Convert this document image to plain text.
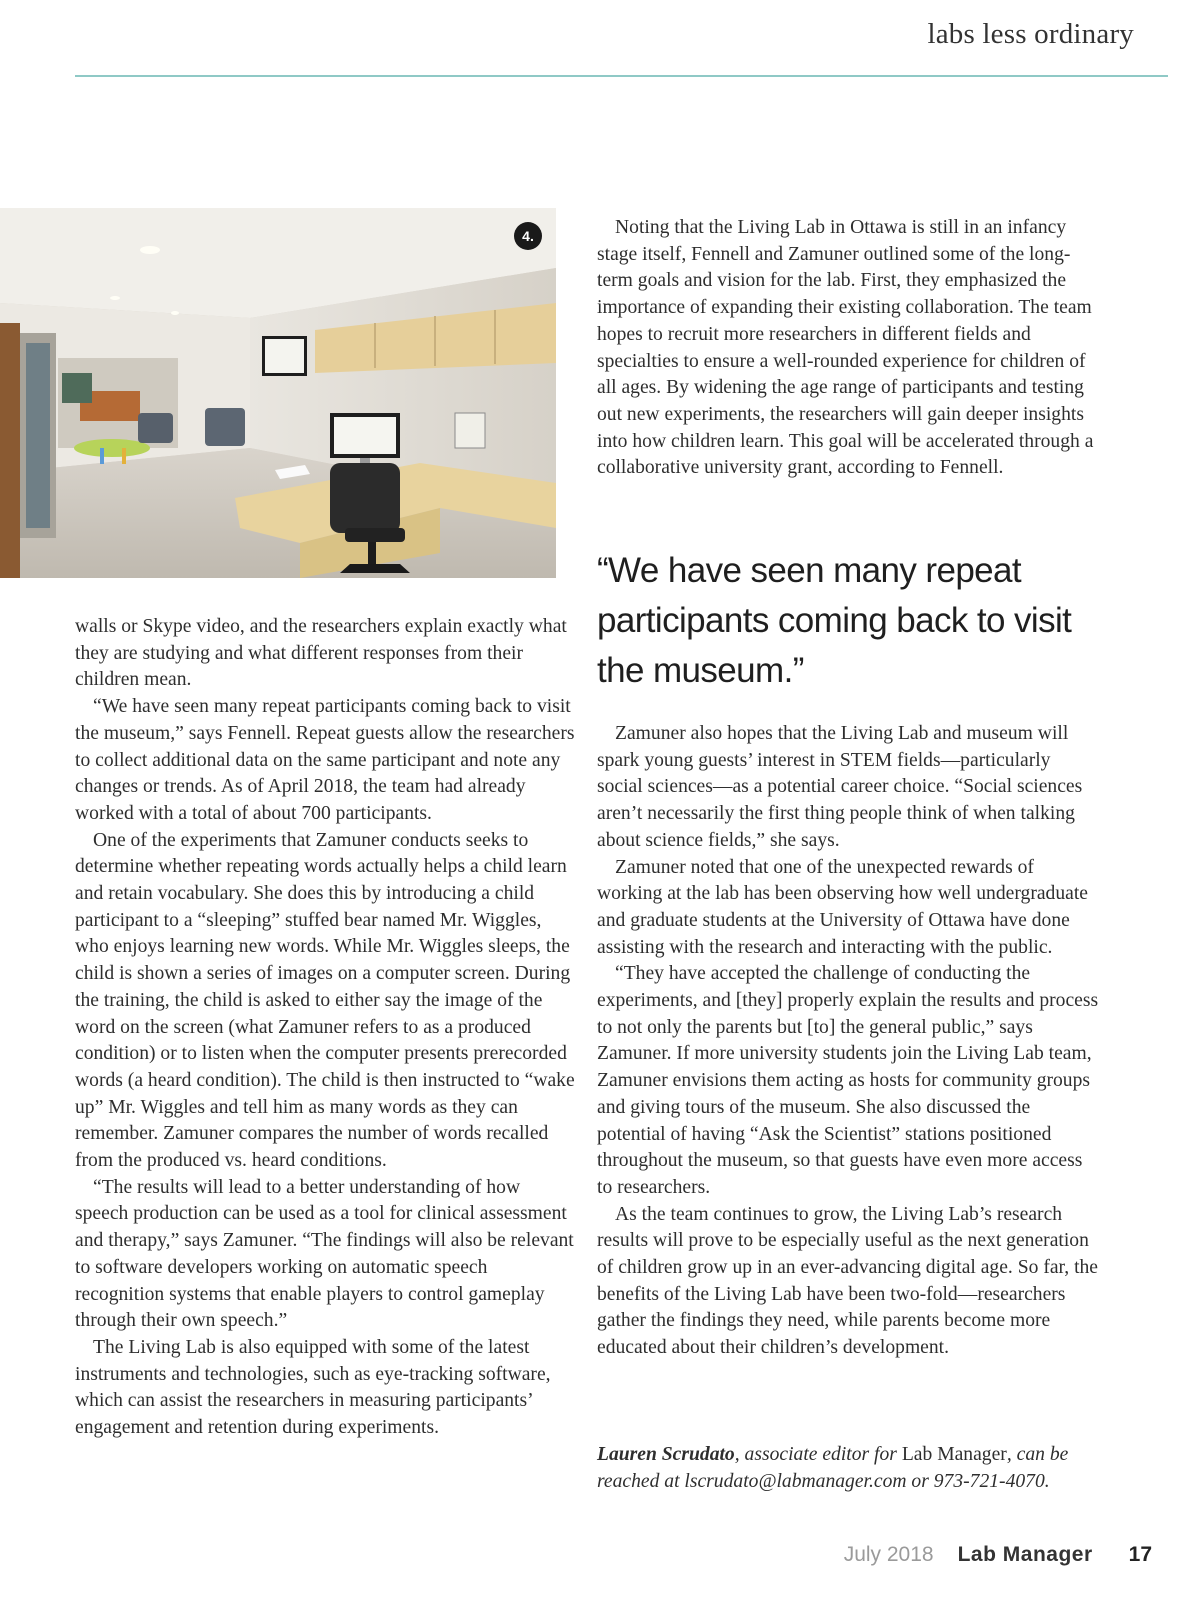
labs less ordinary
4.

walls or Skype video, and the researchers explain exactly what they are studying and what different responses from their children mean.

“We have seen many repeat participants coming back to visit the museum,” says Fennell. Repeat guests allow the researchers to collect additional data on the same participant and note any changes or trends. As of April 2018, the team had already worked with a total of about 700 participants.

One of the experiments that Zamuner conducts seeks to determine whether repeating words actually helps a child learn and retain vocabulary. She does this by introducing a child participant to a “sleeping” stuffed bear named Mr. Wiggles, who enjoys learning new words. While Mr. Wiggles sleeps, the child is shown a series of images on a computer screen. During the training, the child is asked to either say the image of the word on the screen (what Zamuner refers to as a produced condition) or to listen when the computer presents prerecorded words (a heard condition). The child is then instructed to “wake up” Mr. Wiggles and tell him as many words as they can remember. Zamuner compares the number of words recalled from the produced vs. heard conditions.

“The results will lead to a better understanding of how speech production can be used as a tool for clinical assessment and therapy,” says Zamuner. “The findings will also be relevant to software developers working on automatic speech recognition systems that enable players to control gameplay through their own speech.”

The Living Lab is also equipped with some of the latest instruments and technologies, such as eye-tracking software, which can assist the researchers in measuring participants’ engagement and retention during experiments.

Noting that the Living Lab in Ottawa is still in an infancy stage itself, Fennell and Zamuner outlined some of the long-term goals and vision for the lab. First, they emphasized the importance of expanding their existing collaboration. The team hopes to recruit more researchers in different fields and specialties to ensure a well-rounded experience for children of all ages. By widening the age range of participants and testing out new experiments, the researchers will gain deeper insights into how children learn. This goal will be accelerated through a collaborative university grant, according to Fennell.

“We have seen many repeat participants coming back to visit the museum.”

Zamuner also hopes that the Living Lab and museum will spark young guests’ interest in STEM fields—particularly social sciences—as a potential career choice. “Social sciences aren’t necessarily the first thing people think of when talking about science fields,” she says.

Zamuner noted that one of the unexpected rewards of working at the lab has been observing how well undergraduate and graduate students at the University of Ottawa have done assisting with the research and interacting with the public.

“They have accepted the challenge of conducting the experiments, and [they] properly explain the results and process to not only the parents but [to] the general public,” says Zamuner. If more university students join the Living Lab team, Zamuner envisions them acting as hosts for community groups and giving tours of the museum. She also discussed the potential of having “Ask the Scientist” stations positioned throughout the museum, so that guests have even more access to researchers.

As the team continues to grow, the Living Lab’s research results will prove to be especially useful as the next generation of children grow up in an ever-advancing digital age. So far, the benefits of the Living Lab have been two-fold—researchers gather the findings they need, while parents become more educated about their children’s development.

Lauren Scrudato, associate editor for Lab Manager, can be reached at lscrudato@labmanager.com or 973-721-4070.
July 2018 Lab Manager 17
